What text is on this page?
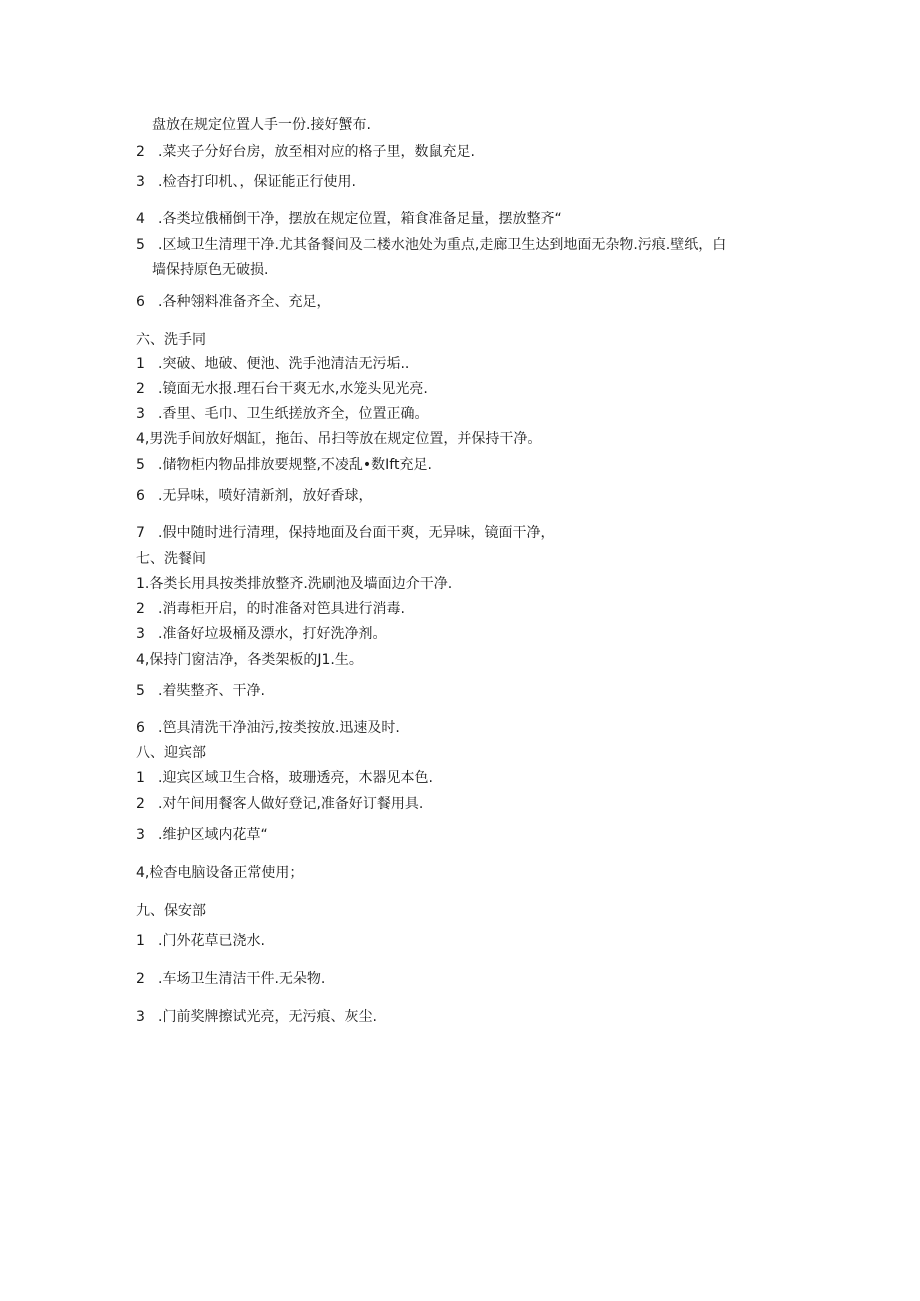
盘放在规定位置人手一份.接好蟹布.
2 .菜夹子分好台房，放至相对应的格子里，数鼠充足.
3 .检杳打印机、，保证能正行使用.
4 .各类垃俄桶倒干净，摆放在规定位置，箱食准备足量，摆放整齐“
5 .区域卫生清理干净.尤其备餐间及二楼水池处为重点,走廊卫生达到地面无杂物.污痕.壁纸，白
墙保持原色无破损.
6 .各种翎料准备齐全、充足，
六、洗手同
1 .突破、地破、便池、洗手池清洁无污垢..
2 .镜面无水报.理石台干爽无水,水笼头见光亮.
3 .香里、毛巾、卫生纸搓放齐全，位置正确。
4,男洗手间放好烟缸，拖缶、吊扫等放在规定位置，并保持干净。
5 .储物柜内物品排放要规整,不凌乱•数Ift充足.
6 .无异味，喷好清新剂，放好香球，
7 .假中随时进行清理，保持地面及台面干爽，无异味，镜面干净，
七、洗餐间
1.各类长用具按类排放整齐.洗刷池及墙面边介干净.
2 .消毒柜开启，的时准备对笆具进行消毒.
3 .准备好垃圾桶及漂水，打好洗净剂。
4,保持门窗洁净，各类架板的J1.生。
5 .着奘整齐、干净.
6 .笆具清洗干净油污,按类按放.迅速及时.
八、迎宾部
1 .迎宾区域卫生合格，玻珊透亮，木器见本色.
2 .对午间用餐客人做好登记,准备好订餐用具.
3 .维护区域内花草“
4,检杳电脑设备正常使用；
九、保安部
1 .门外花草已浇水.
2 .车场卫生清洁干件.无朵物.
3 .门前奖牌擦试光亮，无污痕、灰尘.
